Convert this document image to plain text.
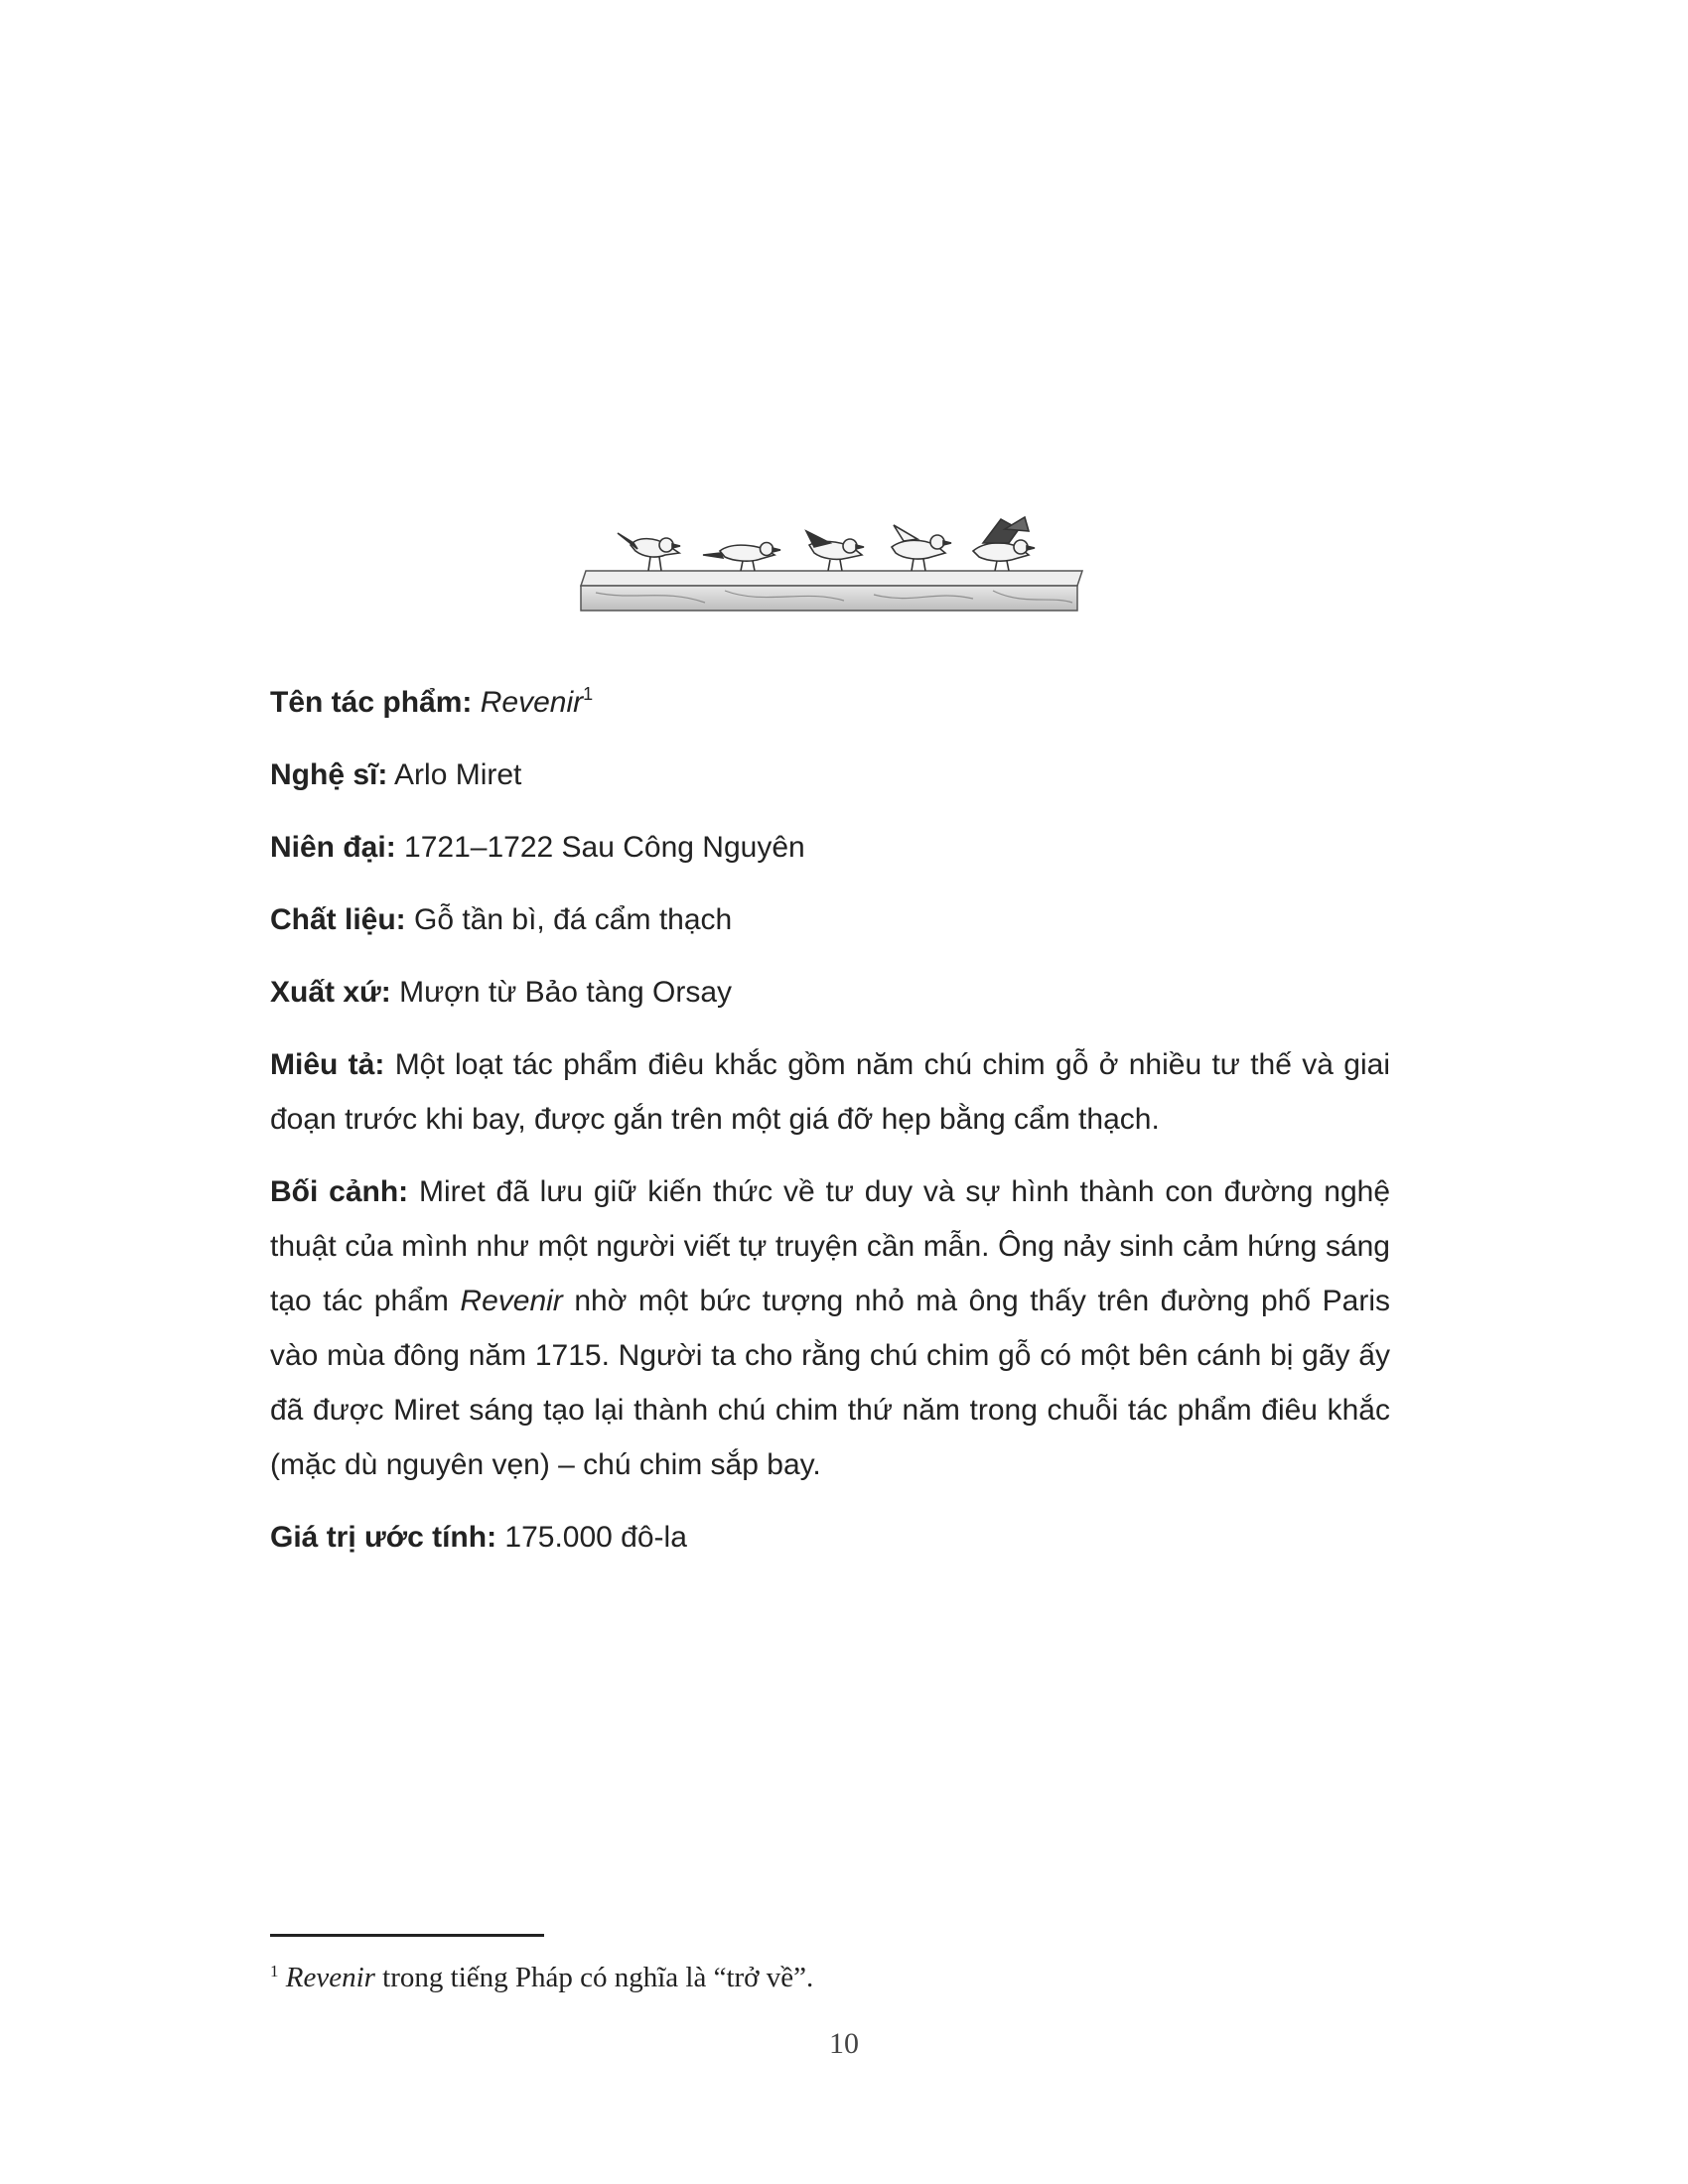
Tên tác phẩm: Revenir$^1$

Nghệ sĩ: Arlo Miret

Niên đại: 1721–1722 Sau Công Nguyên

Chất liệu: Gỗ tần bì, đá cẩm thạch

Xuất xứ: Mượn từ Bảo tàng Orsay

Miêu tả: Một loạt tác phẩm điêu khắc gồm năm chú chim gỗ ở nhiều tư thế và giai đoạn trước khi bay, được gắn trên một giá đỡ hẹp bằng cẩm thạch.

Bối cảnh: Miret đã lưu giữ kiến thức về tư duy và sự hình thành con đường nghệ thuật của mình như một người viết tự truyện cần mẫn. Ông nảy sinh cảm hứng sáng tạo tác phẩm Revenir nhờ một bức tượng nhỏ mà ông thấy trên đường phố Paris vào mùa đông năm 1715. Người ta cho rằng chú chim gỗ có một bên cánh bị gãy ấy đã được Miret sáng tạo lại thành chú chim thứ năm trong chuỗi tác phẩm điêu khắc (mặc dù nguyên vẹn) – chú chim sắp bay.

Giá trị ước tính: 175.000 đô-la

$^1$ Revenir trong tiếng Pháp có nghĩa là “trở về”.
10
